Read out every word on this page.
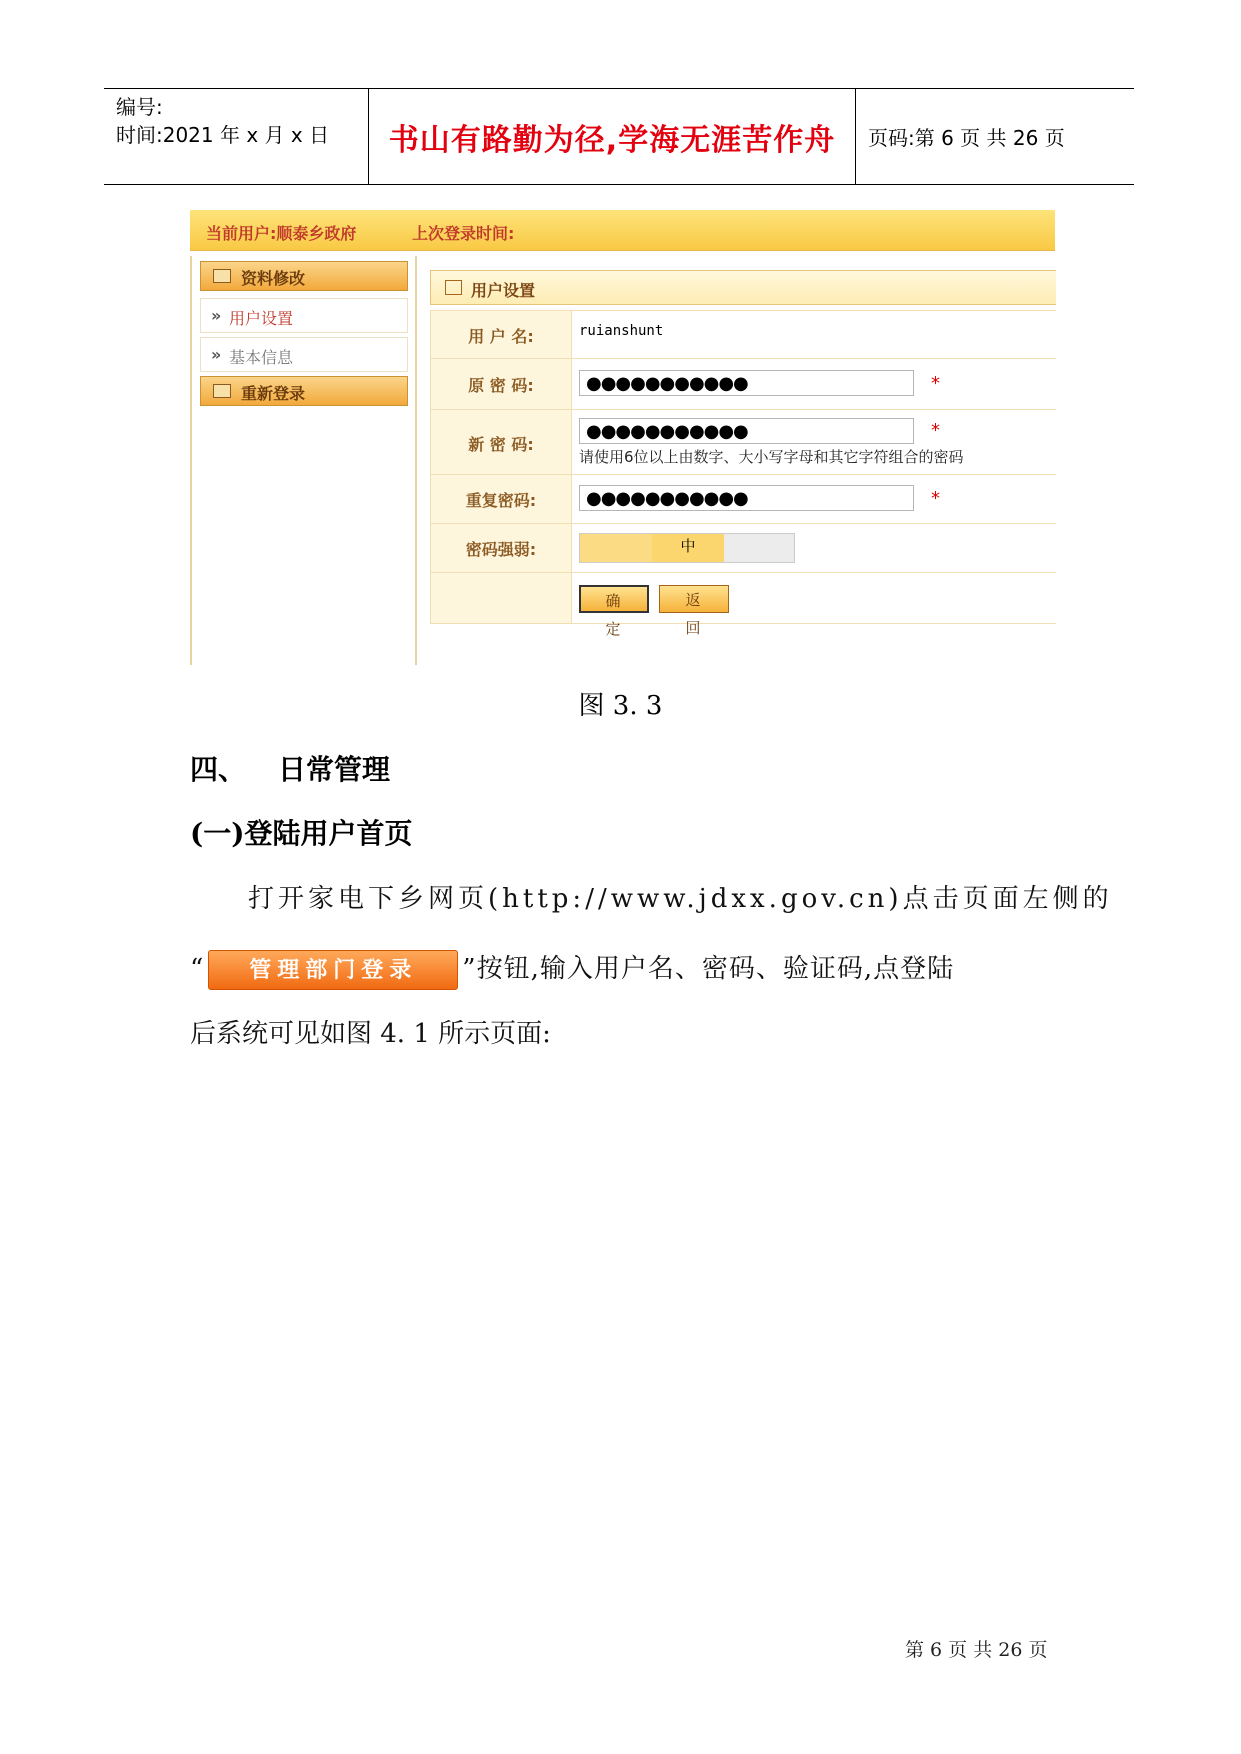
编号:
时间:2021 年 x 月 x 日 书山有路勤为径,学海无涯苦作舟 页码:第 6 页 共 26 页
当前用户:顺泰乡政府	上次登录时间:
资料修改
» 用户设置
» 基本信息
重新登录
用户设置
用 户 名:	ruianshunt
原 密 码:	●●●●●●●●●●●	*
新 密 码:
●●●●●●●●●●●	*
请使用6位以上由数字、大小写字母和其它字符组合的密码
重复密码:	●●●●●●●●●●●	*
密码强弱:	中
确 定
返 回
图 3. 3
四、 日常管理
(一)登陆用户首页
打开家电下乡网页(http://www.jdxx.gov.cn)点击页面左侧的
“ 管理部门登录 ”按钮,输入用户名、密码、验证码,点登陆
后系统可见如图 4. 1 所示页面:
第 6 页 共 26 页
